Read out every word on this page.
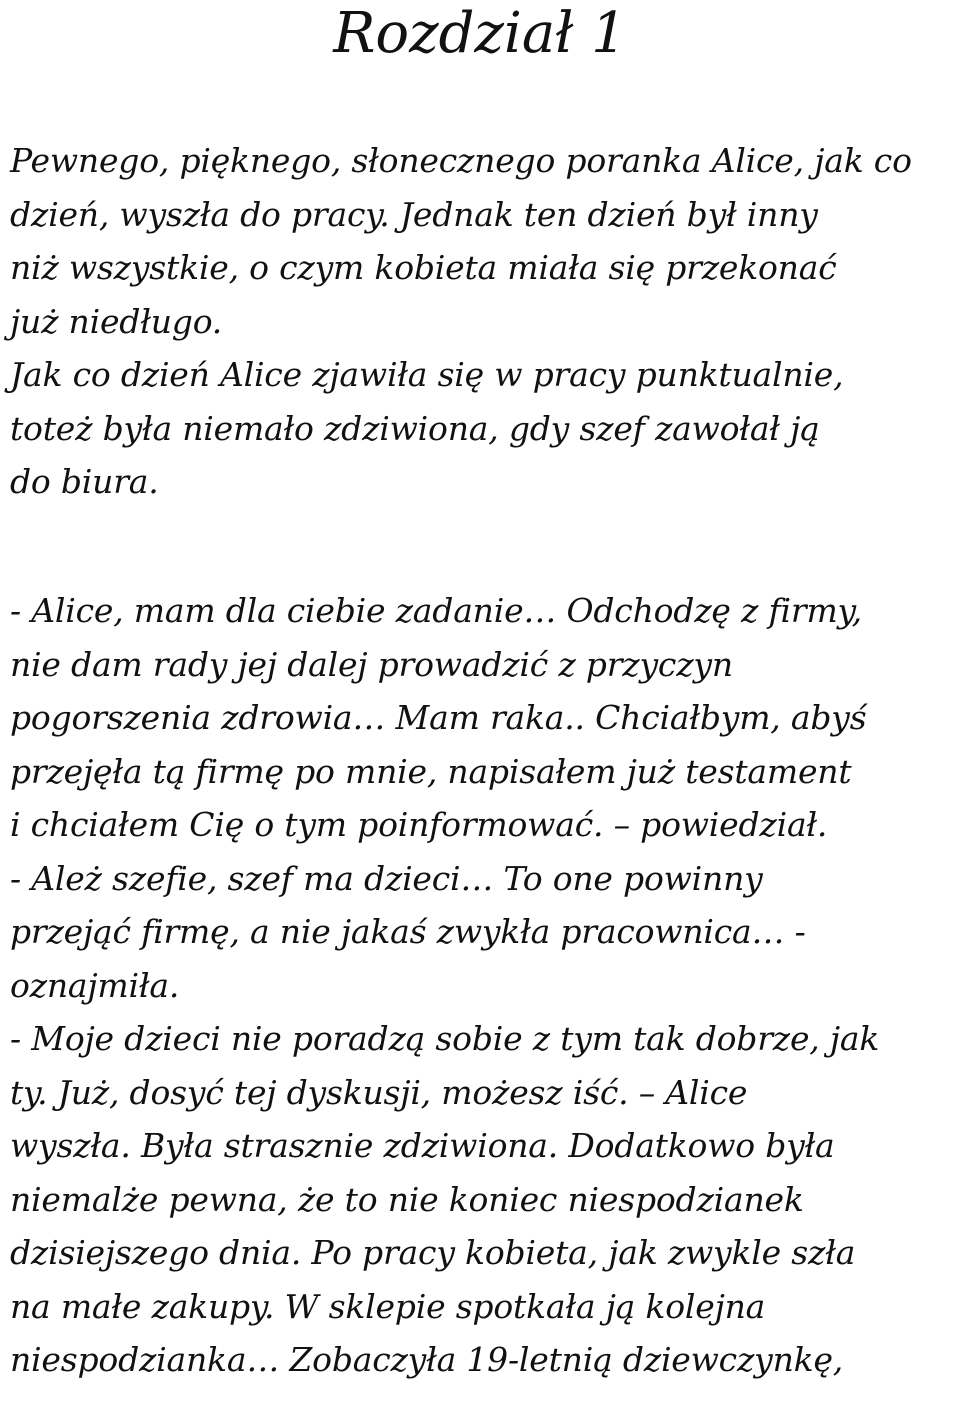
Rozdział 1

Pewnego, pięknego, słonecznego poranka Alice, jak co
dzień, wyszła do pracy. Jednak ten dzień był inny
niż wszystkie, o czym kobieta miała się przekonać
już niedługo.
Jak co dzień Alice zjawiła się w pracy punktualnie,
toteż była niemało zdziwiona, gdy szef zawołał ją
do biura.

- Alice, mam dla ciebie zadanie… Odchodzę z firmy,
nie dam rady jej dalej prowadzić z przyczyn
pogorszenia zdrowia… Mam raka.. Chciałbym, abyś
przejęła tą firmę po mnie, napisałem już testament
i chciałem Cię o tym poinformować. – powiedział.
- Ależ szefie, szef ma dzieci… To one powinny
przejąć firmę, a nie jakaś zwykła pracownica… -
oznajmiła.
- Moje dzieci nie poradzą sobie z tym tak dobrze, jak
ty. Już, dosyć tej dyskusji, możesz iść. – Alice
wyszła. Była strasznie zdziwiona. Dodatkowo była
niemalże pewna, że to nie koniec niespodzianek
dzisiejszego dnia. Po pracy kobieta, jak zwykle szła
na małe zakupy. W sklepie spotkała ją kolejna
niespodzianka… Zobaczyła 19-letnią dziewczynkę,
